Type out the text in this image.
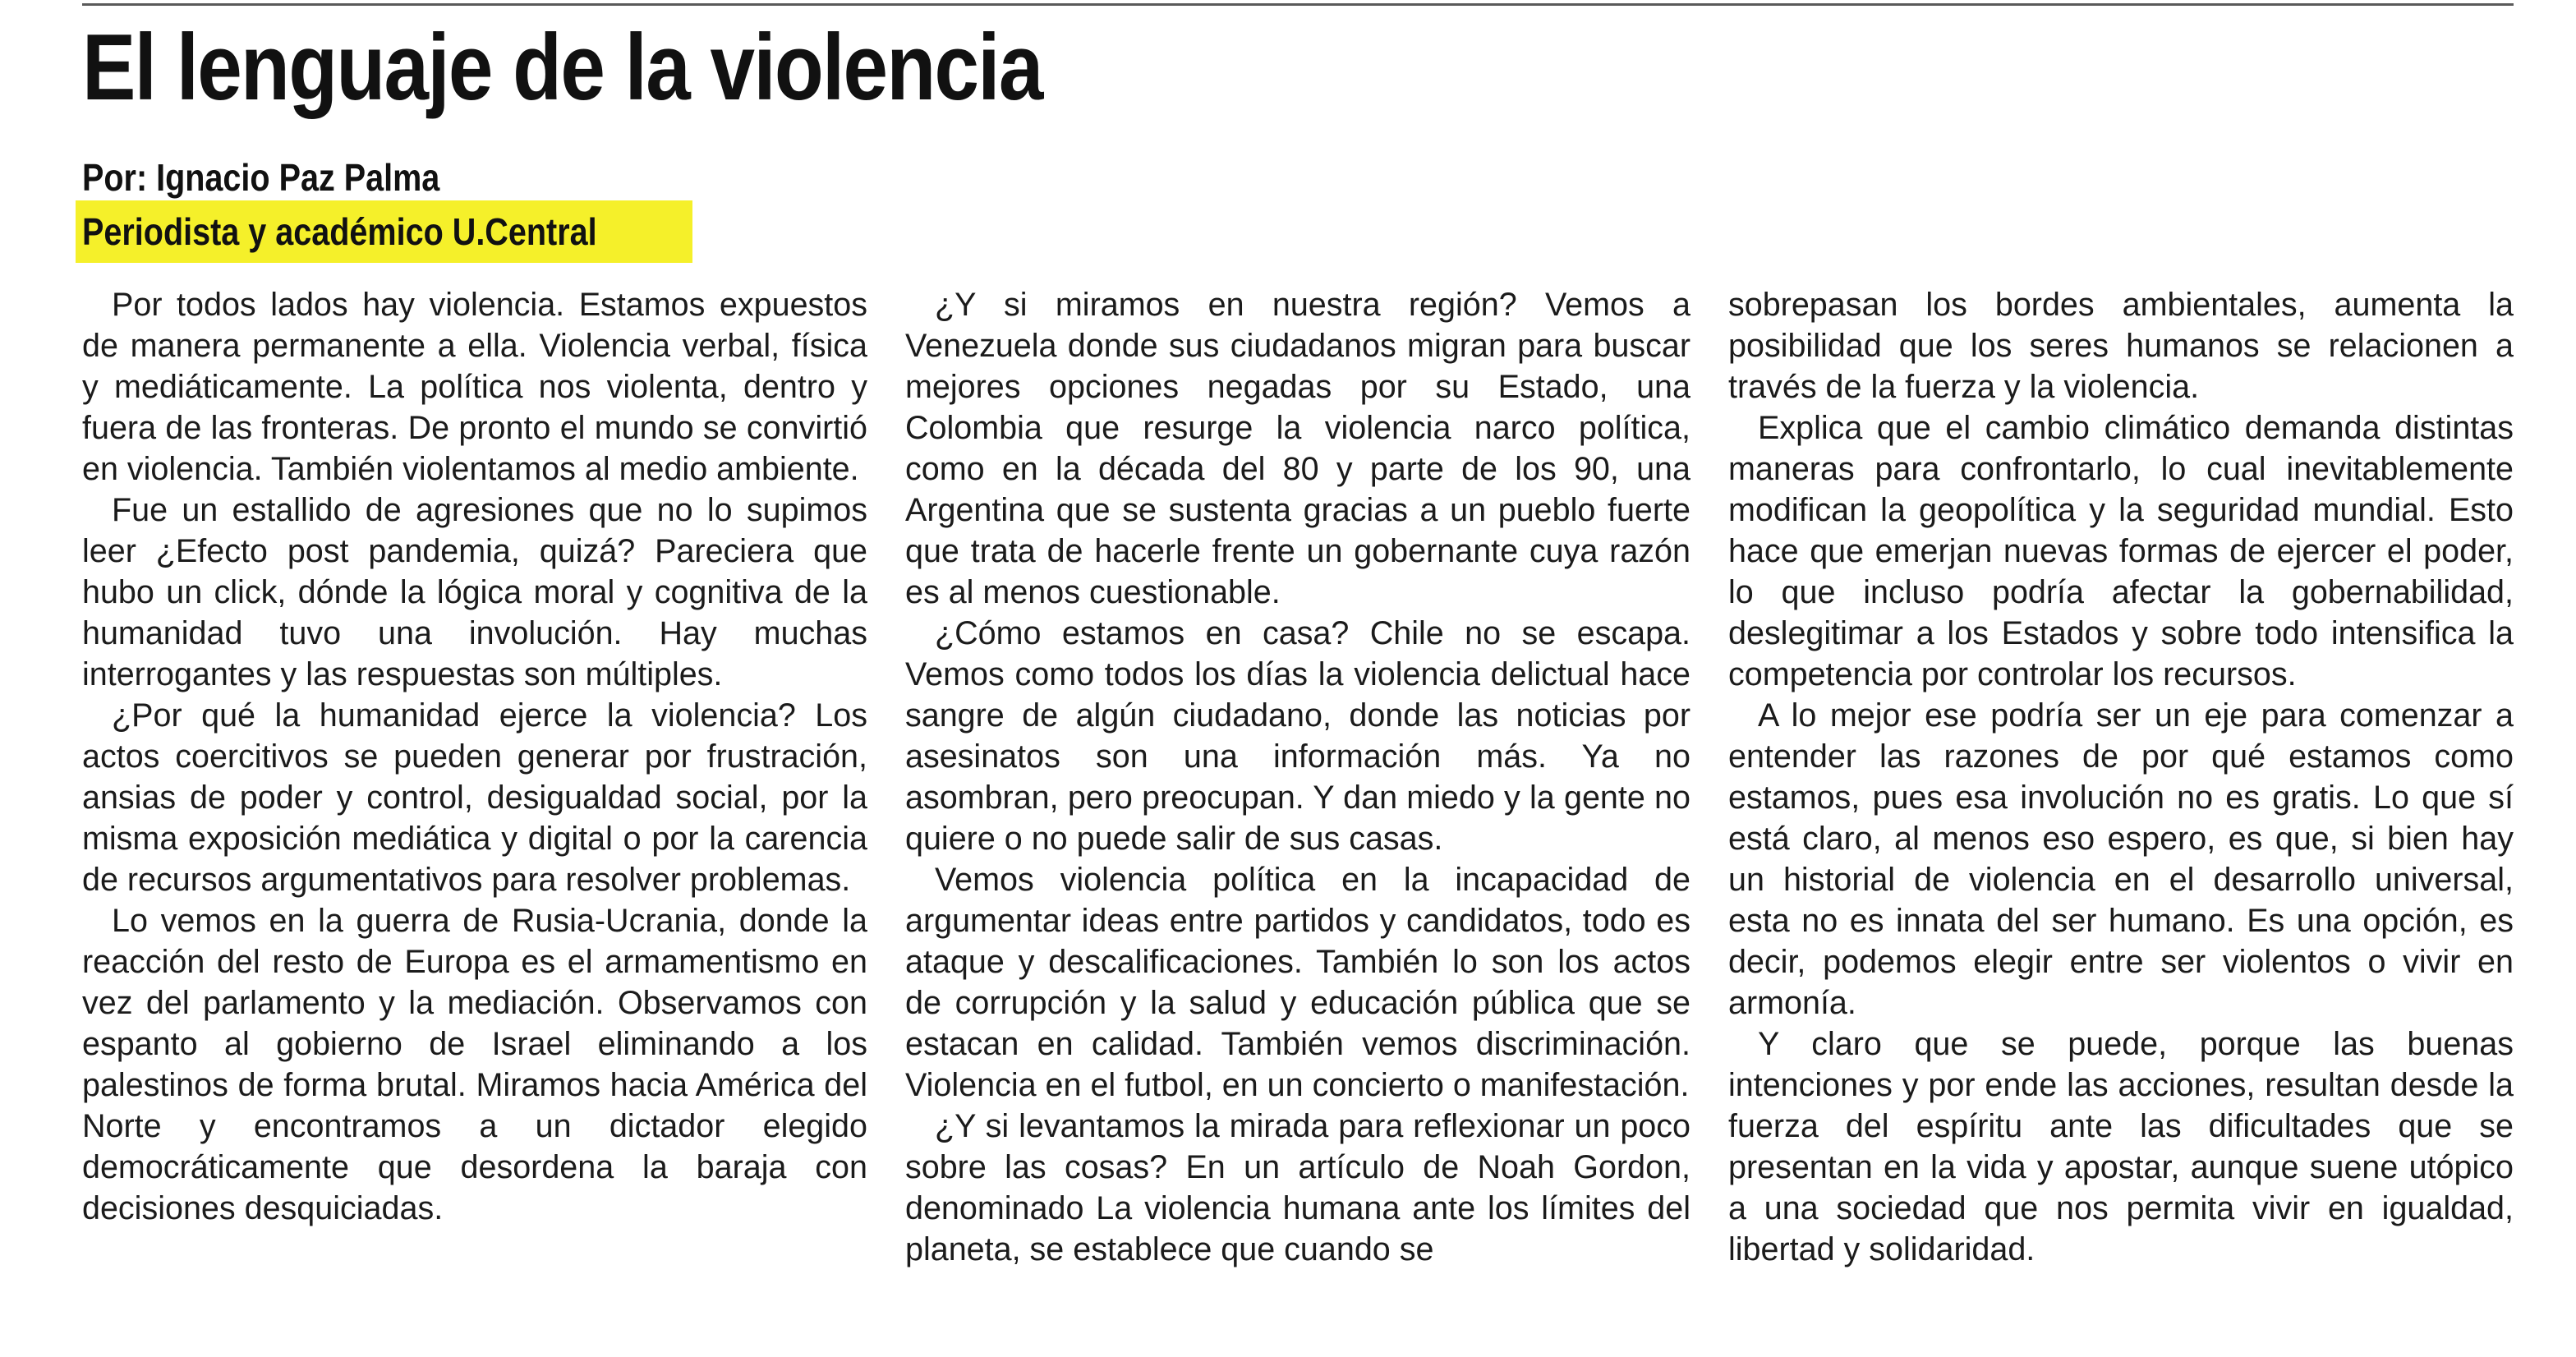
El lenguaje de la violencia
Por: Ignacio Paz Palma
Periodista y académico U.Central

Por todos lados hay violencia. Estamos expuestos de manera permanente a ella. Violencia verbal, física y mediáticamente. La política nos violenta, dentro y fuera de las fronteras. De pronto el mundo se convirtió en violencia. También violentamos al medio ambiente.

Fue un estallido de agresiones que no lo supimos leer ¿Efecto post pandemia, quizá? Pareciera que hubo un click, dónde la lógica moral y cognitiva de la humanidad tuvo una involución. Hay muchas interrogantes y las respuestas son múltiples.

¿Por qué la humanidad ejerce la violencia? Los actos coercitivos se pueden generar por frustración, ansias de poder y control, desigualdad social, por la misma exposición mediática y digital o por la carencia de recursos argumentativos para resolver problemas.

Lo vemos en la guerra de Rusia-Ucrania, donde la reacción del resto de Europa es el armamentismo en vez del parlamento y la mediación. Observamos con espanto al gobierno de Israel eliminando a los palestinos de forma brutal. Miramos hacia América del Norte y encontramos a un dictador elegido democráticamente que desordena la baraja con decisiones desquiciadas.

¿Y si miramos en nuestra región? Vemos a Venezuela donde sus ciudadanos migran para buscar mejores opciones negadas por su Estado, una Colombia que resurge la violencia narco política, como en la década del 80 y parte de los 90, una Argentina que se sustenta gracias a un pueblo fuerte que trata de hacerle frente un gobernante cuya razón es al menos cuestionable.

¿Cómo estamos en casa? Chile no se escapa. Vemos como todos los días la violencia delictual hace sangre de algún ciudadano, donde las noticias por asesinatos son una información más. Ya no asombran, pero preocupan. Y dan miedo y la gente no quiere o no puede salir de sus casas.

Vemos violencia política en la incapacidad de argumentar ideas entre partidos y candidatos, todo es ataque y descalificaciones. También lo son los actos de corrupción y la salud y educación pública que se estacan en calidad. También vemos discriminación. Violencia en el futbol, en un concierto o manifestación.

¿Y si levantamos la mirada para reflexionar un poco sobre las cosas? En un artículo de Noah Gordon, denominado La violencia humana ante los límites del planeta, se establece que cuando se

sobrepasan los bordes ambientales, aumenta la posibilidad que los seres humanos se relacionen a través de la fuerza y la violencia.

Explica que el cambio climático demanda distintas maneras para confrontarlo, lo cual inevitablemente modifican la geopolítica y la seguridad mundial. Esto hace que emerjan nuevas formas de ejercer el poder, lo que incluso podría afectar la gobernabilidad, deslegitimar a los Estados y sobre todo intensifica la competencia por controlar los recursos.

A lo mejor ese podría ser un eje para comenzar a entender las razones de por qué estamos como estamos, pues esa involución no es gratis. Lo que sí está claro, al menos eso espero, es que, si bien hay un historial de violencia en el desarrollo universal, esta no es innata del ser humano. Es una opción, es decir, podemos elegir entre ser violentos o vivir en armonía.

Y claro que se puede, porque las buenas intenciones y por ende las acciones, resultan desde la fuerza del espíritu ante las dificultades que se presentan en la vida y apostar, aunque suene utópico a una sociedad que nos permita vivir en igualdad, libertad y solidaridad.
